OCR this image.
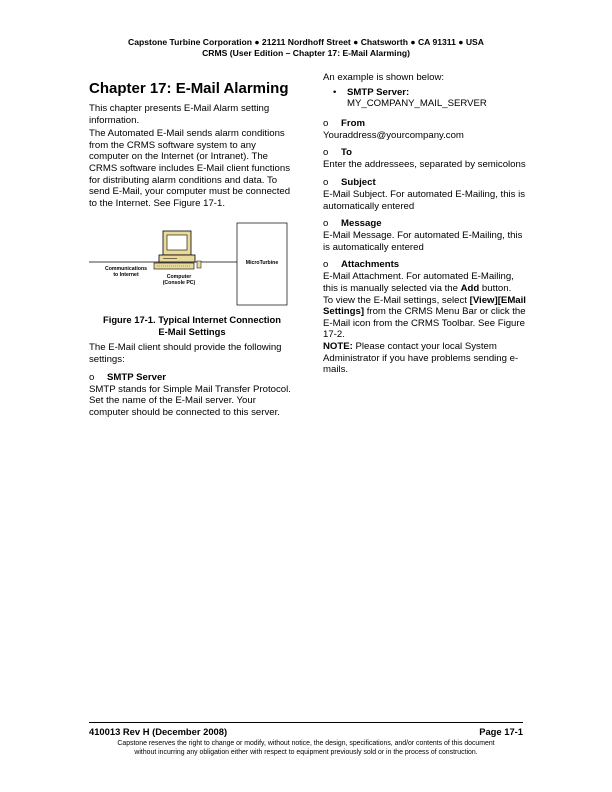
Capstone Turbine Corporation ● 21211 Nordhoff Street ● Chatsworth ● CA 91311 ● USA
CRMS (User Edition – Chapter 17: E-Mail Alarming)
Chapter 17: E-Mail Alarming

This chapter presents E-Mail Alarm setting information.

The Automated E-Mail sends alarm conditions from the CRMS software system to any computer on the Internet (or Intranet). The CRMS software includes E-Mail client functions for distributing alarm conditions and data. To send E-Mail, your computer must be connected to the Internet. See Figure 17-1.

MicroTurbine
Communications
to Internet	Computer
(Console PC)
Figure 17-1. Typical Internet Connection
E-Mail Settings

The E-Mail client should provide the following settings:

o SMTP Server

SMTP stands for Simple Mail Transfer Protocol. Set the name of the E-Mail server. Your computer should be connected to this server.

An example is shown below:

• SMTP Server:
MY_COMPANY_MAIL_SERVER
o From

Youraddress@yourcompany.com

o To

Enter the addressees, separated by semicolons

o Subject

E-Mail Subject. For automated E-Mailing, this is automatically entered

o Message

E-Mail Message. For automated E-Mailing, this is automatically entered

o Attachments

E-Mail Attachment. For automated E-Mailing, this is manually selected via the Add button.

To view the E-Mail settings, select [View][EMail Settings] from the CRMS Menu Bar or click the E-Mail icon from the CRMS Toolbar. See Figure 17-2.

NOTE: Please contact your local System Administrator if you have problems sending e-mails.

410013 Rev H (December 2008)	Page 17-1
Capstone reserves the right to change or modify, without notice, the design, specifications, and/or contents of this document
without incurring any obligation either with respect to equipment previously sold or in the process of construction.
